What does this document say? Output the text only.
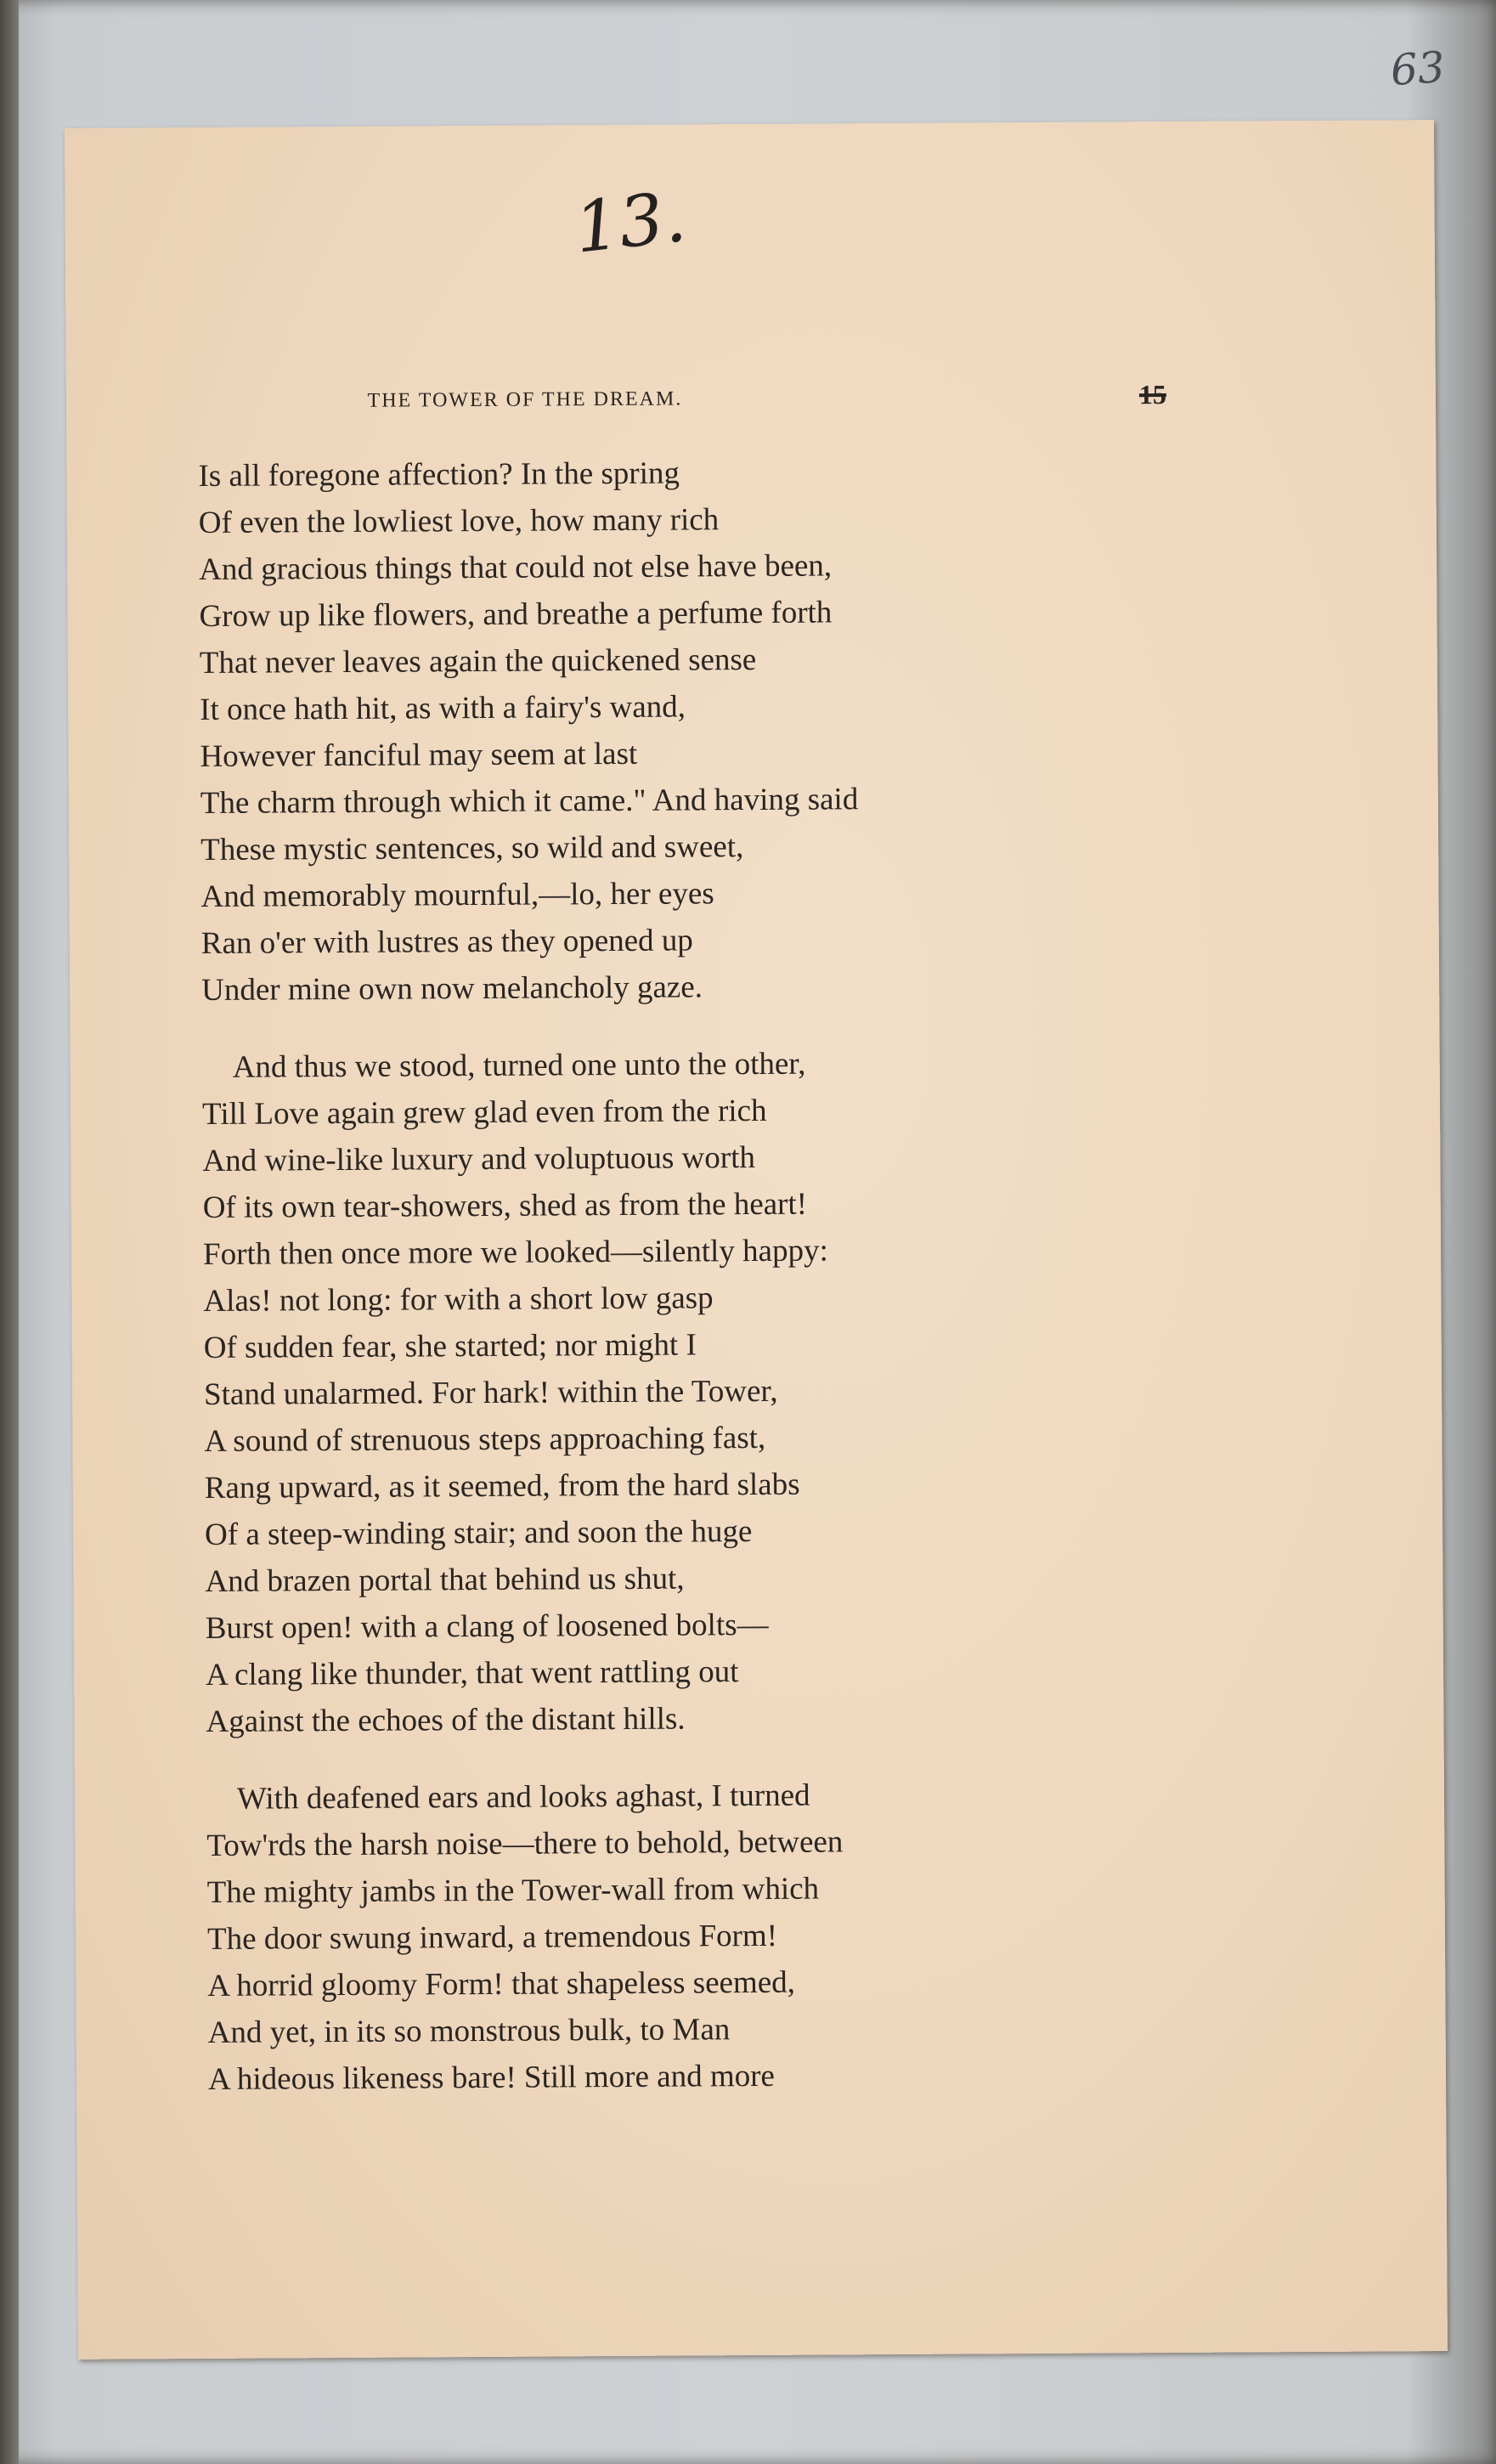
63
13.
THE TOWER OF THE DREAM.	15
Is all foregone affection? In the spring
Of even the lowliest love, how many rich
And gracious things that could not else have been,
Grow up like flowers, and breathe a perfume forth
That never leaves again the quickened sense
It once hath hit, as with a fairy's wand,
However fanciful may seem at last
The charm through which it came." And having said
These mystic sentences, so wild and sweet,
And memorably mournful,—lo, her eyes
Ran o'er with lustres as they opened up
Under mine own now melancholy gaze.
And thus we stood, turned one unto the other,
Till Love again grew glad even from the rich
And wine-like luxury and voluptuous worth
Of its own tear-showers, shed as from the heart!
Forth then once more we looked—silently happy:
Alas! not long: for with a short low gasp
Of sudden fear, she started; nor might I
Stand unalarmed. For hark! within the Tower,
A sound of strenuous steps approaching fast,
Rang upward, as it seemed, from the hard slabs
Of a steep-winding stair; and soon the huge
And brazen portal that behind us shut,
Burst open! with a clang of loosened bolts—
A clang like thunder, that went rattling out
Against the echoes of the distant hills.
With deafened ears and looks aghast, I turned
Tow'rds the harsh noise—there to behold, between
The mighty jambs in the Tower-wall from which
The door swung inward, a tremendous Form!
A horrid gloomy Form! that shapeless seemed,
And yet, in its so monstrous bulk, to Man
A hideous likeness bare! Still more and more
